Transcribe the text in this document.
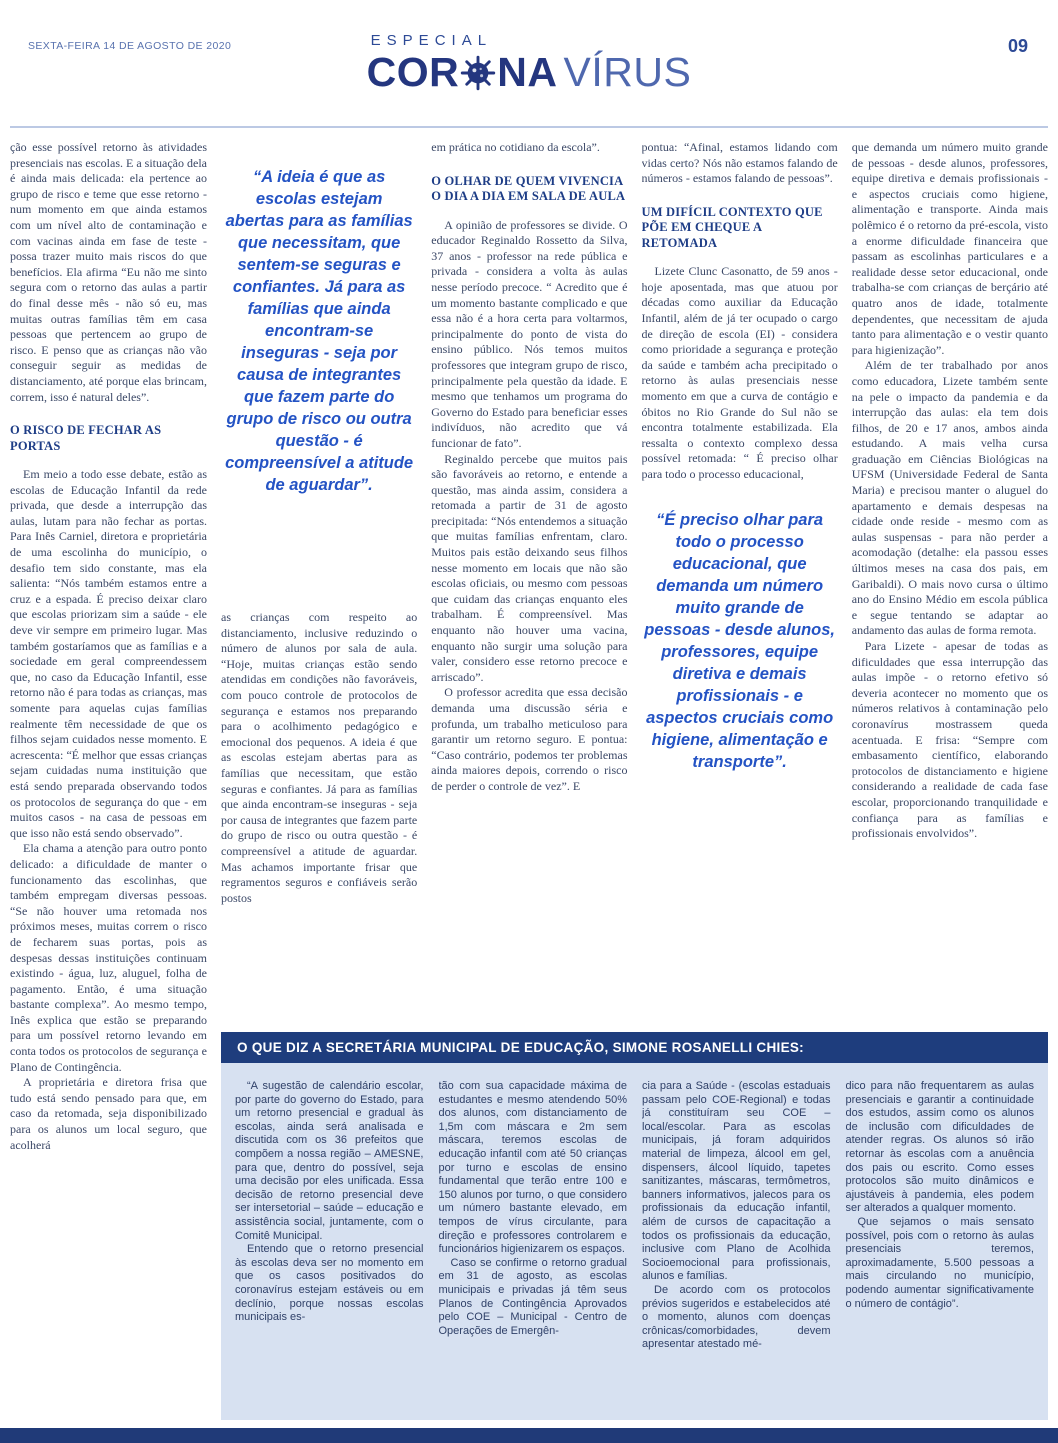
SEXTA-FEIRA 14 DE AGOSTO DE 2020	09
ESPECIAL
COR NA VÍRUS

ção esse possível retorno às atividades presenciais nas escolas. E a situação dela é ainda mais delicada: ela pertence ao grupo de risco e teme que esse retorno - num momento em que ainda estamos com um nível alto de contaminação e com vacinas ainda em fase de teste - possa trazer muito mais riscos do que benefícios. Ela afirma “Eu não me sinto segura com o retorno das aulas a partir do final desse mês - não só eu, mas muitas outras famílias têm em casa pessoas que pertencem ao grupo de risco. E penso que as crianças não vão conseguir seguir as medidas de distanciamento, até porque elas brincam, correm, isso é natural deles”.

O RISCO DE FECHAR AS PORTAS

Em meio a todo esse debate, estão as escolas de Educação Infantil da rede privada, que desde a interrupção das aulas, lutam para não fechar as portas. Para Inês Carniel, diretora e proprietária de uma escolinha do município, o desafio tem sido constante, mas ela salienta: “Nós também estamos entre a cruz e a espada. É preciso deixar claro que escolas priorizam sim a saúde - ele deve vir sempre em primeiro lugar. Mas também gostaríamos que as famílias e a sociedade em geral compreendessem que, no caso da Educação Infantil, esse retorno não é para todas as crianças, mas somente para aquelas cujas famílias realmente têm necessidade de que os filhos sejam cuidados nesse momento. E acrescenta: “É melhor que essas crianças sejam cuidadas numa instituição que está sendo preparada observando todos os protocolos de segurança do que - em muitos casos - na casa de pessoas em que isso não está sendo observado”.

Ela chama a atenção para outro ponto delicado: a dificuldade de manter o funcionamento das escolinhas, que também empregam diversas pessoas. “Se não houver uma retomada nos próximos meses, muitas correm o risco de fecharem suas portas, pois as despesas dessas instituições continuam existindo - água, luz, aluguel, folha de pagamento. Então, é uma situação bastante complexa”. Ao mesmo tempo, Inês explica que estão se preparando para um possível retorno levando em conta todos os protocolos de segurança e Plano de Contingência.

A proprietária e diretora frisa que tudo está sendo pensado para que, em caso da retomada, seja disponibilizado para os alunos um local seguro, que acolherá

“A ideia é que as escolas estejam abertas para as famílias que necessitam, que sentem-se seguras e confiantes. Já para as famílias que ainda encontram-se inseguras - seja por causa de integrantes que fazem parte do grupo de risco ou outra questão - é compreensível a atitude de aguardar”.

as crianças com respeito ao distanciamento, inclusive reduzindo o número de alunos por sala de aula. “Hoje, muitas crianças estão sendo atendidas em condições não favoráveis, com pouco controle de protocolos de segurança e estamos nos preparando para o acolhimento pedagógico e emocional dos pequenos. A ideia é que as escolas estejam abertas para as famílias que necessitam, que estão seguras e confiantes. Já para as famílias que ainda encontram-se inseguras - seja por causa de integrantes que fazem parte do grupo de risco ou outra questão - é compreensível a atitude de aguardar. Mas achamos importante frisar que regramentos seguros e confiáveis serão postos

em prática no cotidiano da escola”.

O OLHAR DE QUEM VIVENCIA O DIA A DIA EM SALA DE AULA

A opinião de professores se divide. O educador Reginaldo Rossetto da Silva, 37 anos - professor na rede pública e privada - considera a volta às aulas nesse período precoce. “ Acredito que é um momento bastante complicado e que essa não é a hora certa para voltarmos, principalmente do ponto de vista do ensino público. Nós temos muitos professores que integram grupo de risco, principalmente pela questão da idade. E mesmo que tenhamos um programa do Governo do Estado para beneficiar esses indivíduos, não acredito que vá funcionar de fato”.

Reginaldo percebe que muitos pais são favoráveis ao retorno, e entende a questão, mas ainda assim, considera a retomada a partir de 31 de agosto precipitada: “Nós entendemos a situação que muitas famílias enfrentam, claro. Muitos pais estão deixando seus filhos nesse momento em locais que não são escolas oficiais, ou mesmo com pessoas que cuidam das crianças enquanto eles trabalham. É compreensível. Mas enquanto não houver uma vacina, enquanto não surgir uma solução para valer, considero esse retorno precoce e arriscado”.

O professor acredita que essa decisão demanda uma discussão séria e profunda, um trabalho meticuloso para garantir um retorno seguro. E pontua: “Caso contrário, podemos ter problemas ainda maiores depois, correndo o risco de perder o controle de vez”. E

pontua: “Afinal, estamos lidando com vidas certo? Nós não estamos falando de números - estamos falando de pessoas”.

UM DIFÍCIL CONTEXTO QUE PÕE EM CHEQUE A RETOMADA

Lizete Clunc Casonatto, de 59 anos - hoje aposentada, mas que atuou por décadas como auxiliar da Educação Infantil, além de já ter ocupado o cargo de direção de escola (EI) - considera como prioridade a segurança e proteção da saúde e também acha precipitado o retorno às aulas presenciais nesse momento em que a curva de contágio e óbitos no Rio Grande do Sul não se encontra totalmente estabilizada. Ela ressalta o contexto complexo dessa possível retomada: “ É preciso olhar para todo o processo educacional,

“É preciso olhar para todo o processo educacional, que demanda um número muito grande de pessoas - desde alunos, professores, equipe diretiva e demais profissionais - e aspectos cruciais como higiene, alimentação e transporte”.

que demanda um número muito grande de pessoas - desde alunos, professores, equipe diretiva e demais profissionais - e aspectos cruciais como higiene, alimentação e transporte. Ainda mais polêmico é o retorno da pré-escola, visto a enorme dificuldade financeira que passam as escolinhas particulares e a realidade desse setor educacional, onde trabalha-se com crianças de berçário até quatro anos de idade, totalmente dependentes, que necessitam de ajuda tanto para alimentação e o vestir quanto para higienização”.

Além de ter trabalhado por anos como educadora, Lizete também sente na pele o impacto da pandemia e da interrupção das aulas: ela tem dois filhos, de 20 e 17 anos, ambos ainda estudando. A mais velha cursa graduação em Ciências Biológicas na UFSM (Universidade Federal de Santa Maria) e precisou manter o aluguel do apartamento e demais despesas na cidade onde reside - mesmo com as aulas suspensas - para não perder a acomodação (detalhe: ela passou esses últimos meses na casa dos pais, em Garibaldi). O mais novo cursa o último ano do Ensino Médio em escola pública e segue tentando se adaptar ao andamento das aulas de forma remota.

Para Lizete - apesar de todas as dificuldades que essa interrupção das aulas impõe - o retorno efetivo só deveria acontecer no momento que os números relativos à contaminação pelo coronavírus mostrassem queda acentuada. E frisa: “Sempre com embasamento científico, elaborando protocolos de distanciamento e higiene considerando a realidade de cada fase escolar, proporcionando tranquilidade e confiança para as famílias e profissionais envolvidos”.

O QUE DIZ A SECRETÁRIA MUNICIPAL DE EDUCAÇÃO, SIMONE ROSANELLI CHIES:

“A sugestão de calendário escolar, por parte do governo do Estado, para um retorno presencial e gradual às escolas, ainda será analisada e discutida com os 36 prefeitos que compõem a nossa região – AMESNE, para que, dentro do possível, seja uma decisão por eles unificada. Essa decisão de retorno presencial deve ser intersetorial – saúde – educação e assistência social, juntamente, com o Comitê Municipal.

Entendo que o retorno presencial às escolas deva ser no momento em que os casos positivados do coronavírus estejam estáveis ou em declínio, porque nossas escolas municipais es-

tão com sua capacidade máxima de estudantes e mesmo atendendo 50% dos alunos, com distanciamento de 1,5m com máscara e 2m sem máscara, teremos escolas de educação infantil com até 50 crianças por turno e escolas de ensino fundamental que terão entre 100 e 150 alunos por turno, o que considero um número bastante elevado, em tempos de vírus circulante, para direção e professores controlarem e funcionários higienizarem os espaços.

Caso se confirme o retorno gradual em 31 de agosto, as escolas municipais e privadas já têm seus Planos de Contingência Aprovados pelo COE – Municipal - Centro de Operações de Emergên-

cia para a Saúde - (escolas estaduais passam pelo COE-Regional) e todas já constituíram seu COE – local/escolar. Para as escolas municipais, já foram adquiridos material de limpeza, álcool em gel, dispensers, álcool líquido, tapetes sanitizantes, máscaras, termômetros, banners informativos, jalecos para os profissionais da educação infantil, além de cursos de capacitação a todos os profissionais da educação, inclusive com Plano de Acolhida Socioemocional para profissionais, alunos e famílias.

De acordo com os protocolos prévios sugeridos e estabelecidos até o momento, alunos com doenças crônicas/comorbidades, devem apresentar atestado mé-

dico para não frequentarem as aulas presenciais e garantir a continuidade dos estudos, assim como os alunos de inclusão com dificuldades de atender regras. Os alunos só irão retornar às escolas com a anuência dos pais ou escrito. Como esses protocolos são muito dinâmicos e ajustáveis à pandemia, eles podem ser alterados a qualquer momento.

Que sejamos o mais sensato possível, pois com o retorno às aulas presenciais teremos, aproximadamente, 5.500 pessoas a mais circulando no município, podendo aumentar significativamente o número de contágio”.
